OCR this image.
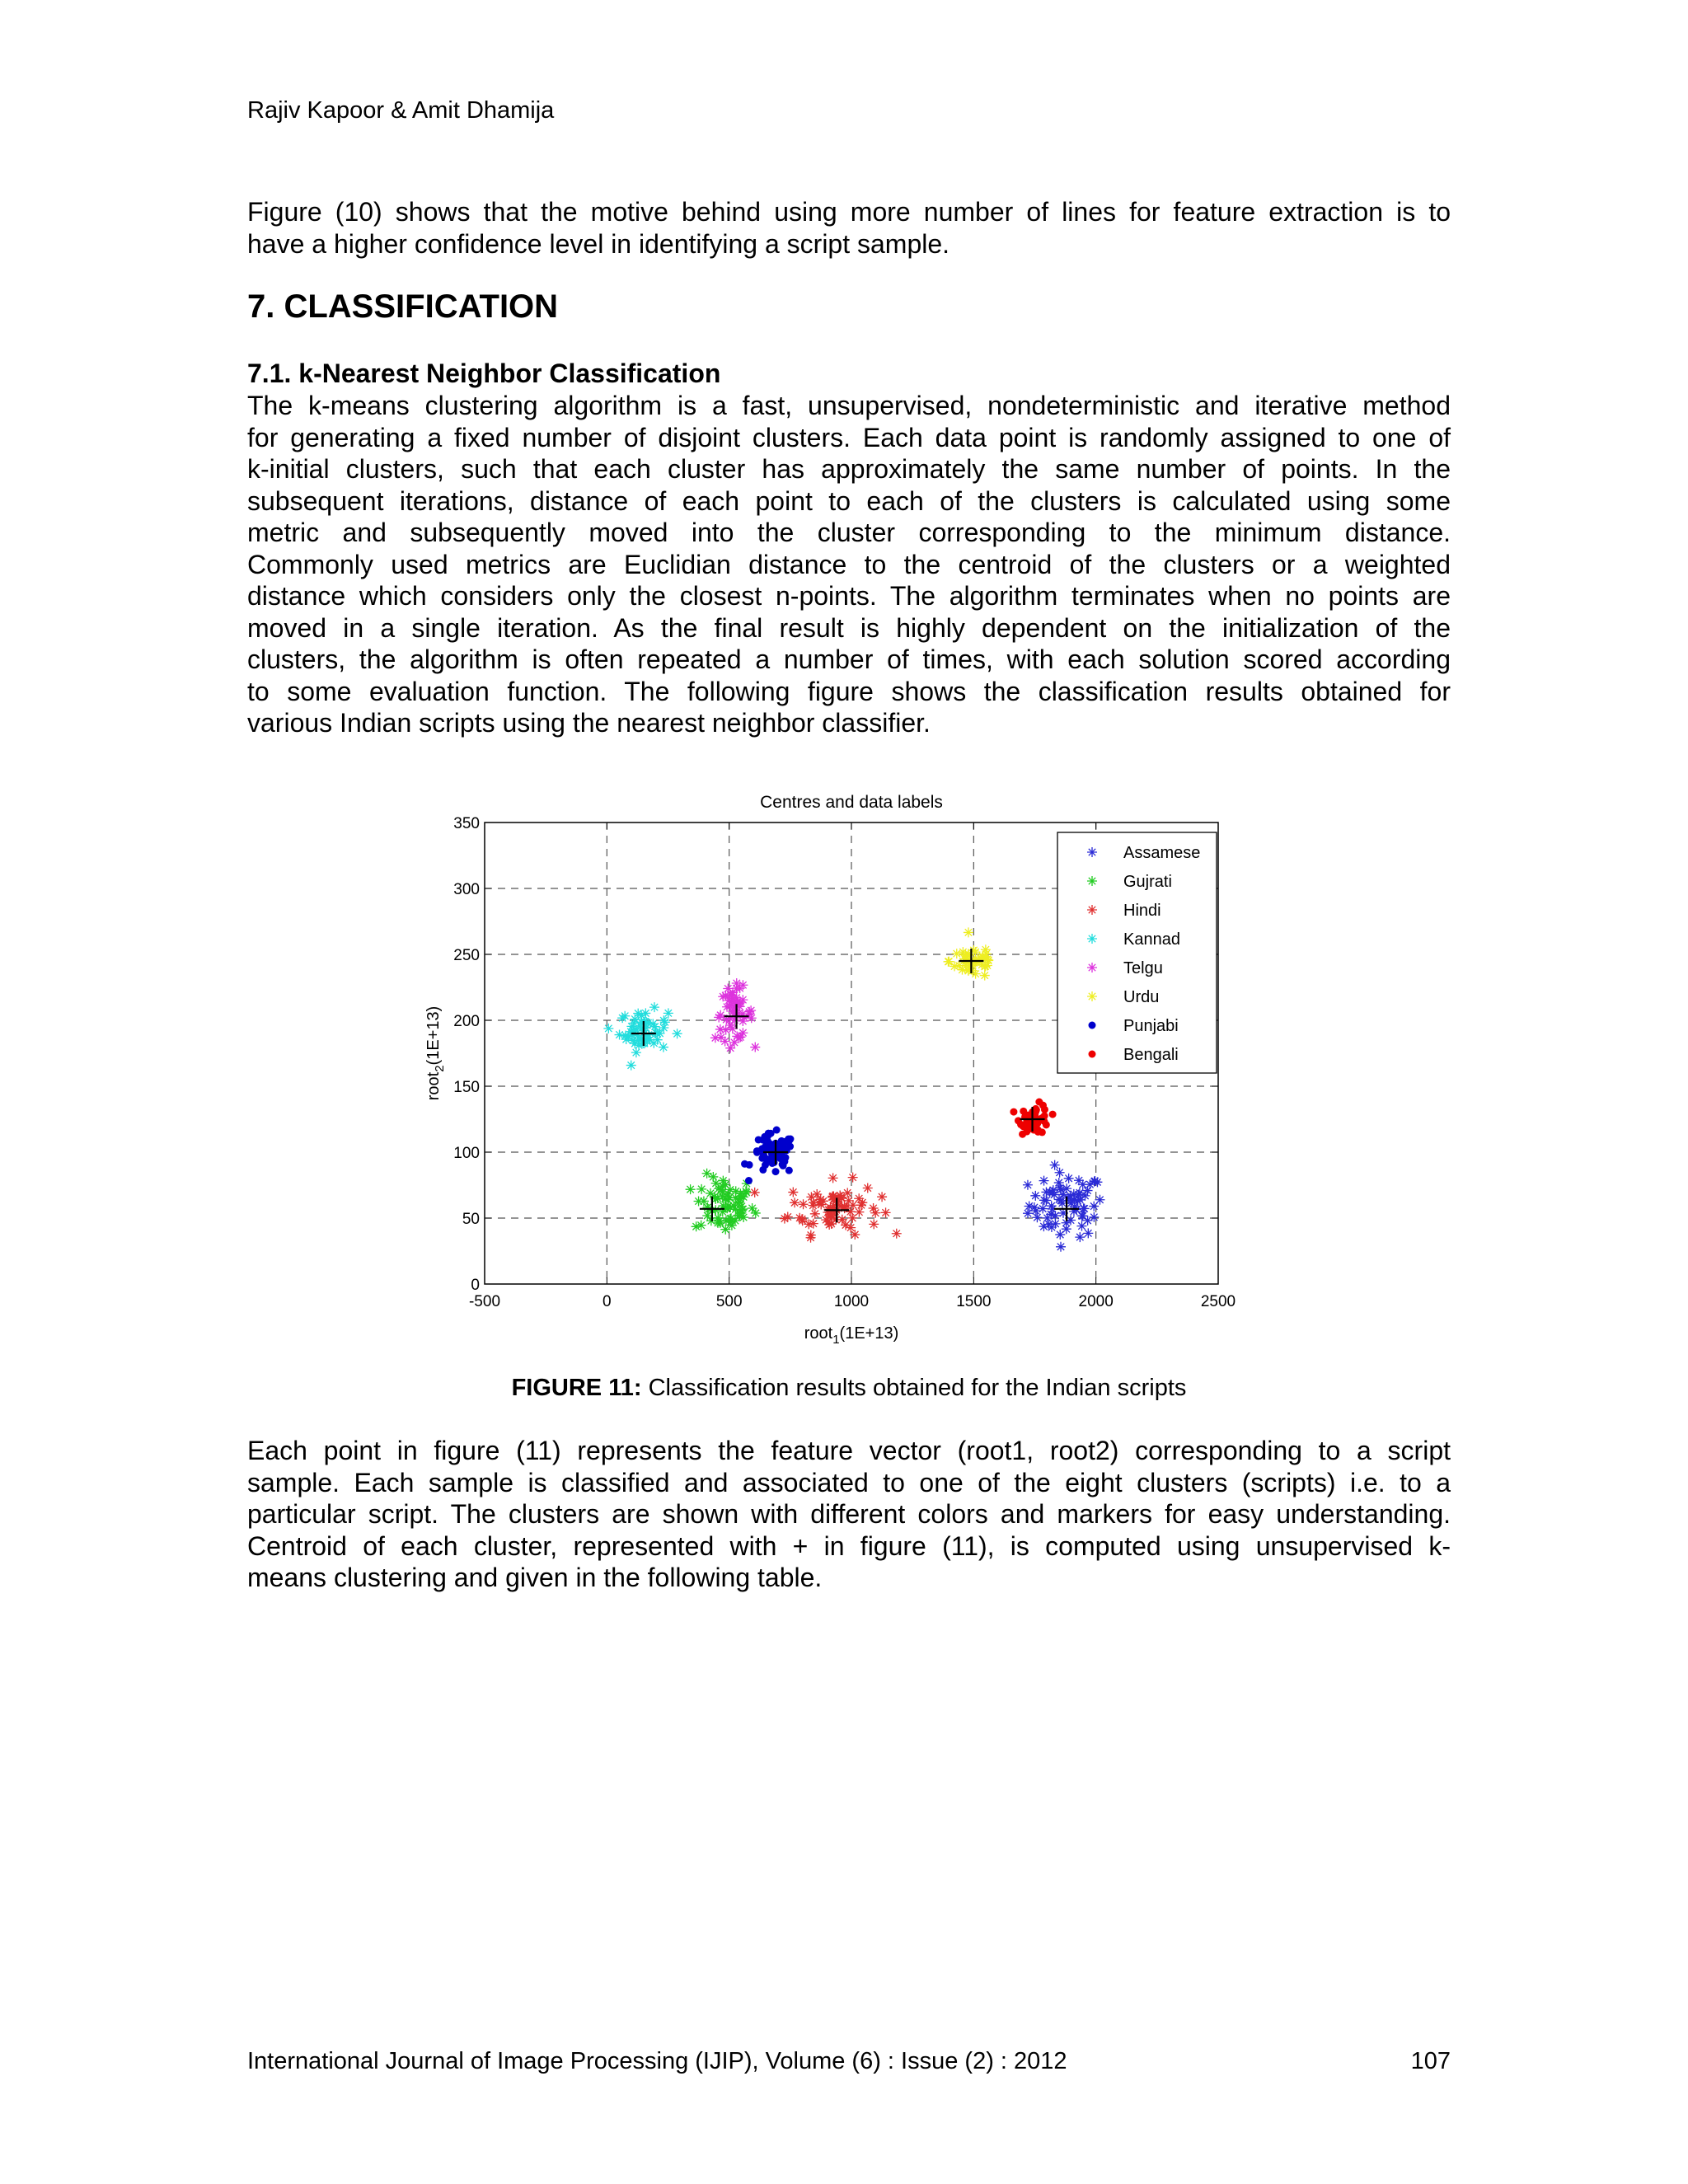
Rajiv Kapoor & Amit Dhamija
Figure (10) shows that the motive behind using more number of lines for feature extraction is to
have a higher confidence level in identifying a script sample.
7. CLASSIFICATION
7.1. k-Nearest Neighbor Classification
The k-means clustering algorithm is a fast, unsupervised, nondeterministic and iterative method
for generating a fixed number of disjoint clusters. Each data point is randomly assigned to one of
k-initial clusters, such that each cluster has approximately the same number of points. In the
subsequent iterations, distance of each point to each of the clusters is calculated using some
metric and subsequently moved into the cluster corresponding to the minimum distance.
Commonly used metrics are Euclidian distance to the centroid of the clusters or a weighted
distance which considers only the closest n-points. The algorithm terminates when no points are
moved in a single iteration. As the final result is highly dependent on the initialization of the
clusters, the algorithm is often repeated a number of times, with each solution scored according
to some evaluation function. The following figure shows the classification results obtained for
various Indian scripts using the nearest neighbor classifier.
FIGURE 11: Classification results obtained for the Indian scripts
Each point in figure (11) represents the feature vector (root1, root2) corresponding to a script
sample. Each sample is classified and associated to one of the eight clusters (scripts) i.e. to a
particular script. The clusters are shown with different colors and markers for easy understanding.
Centroid of each cluster, represented with + in figure (11), is computed using unsupervised k-
means clustering and given in the following table.
International Journal of Image Processing (IJIP), Volume (6) : Issue (2) : 2012	107
Centres and data labels
-500	0	500	1000	1500	2000	2500
0
50
100
150
200
250
300
350
root$_1$(1E+13)
root$_2$(1E+13)
Assamese
Gujrati
Hindi
Kannad
Telgu
Urdu
Punjabi
Bengali
